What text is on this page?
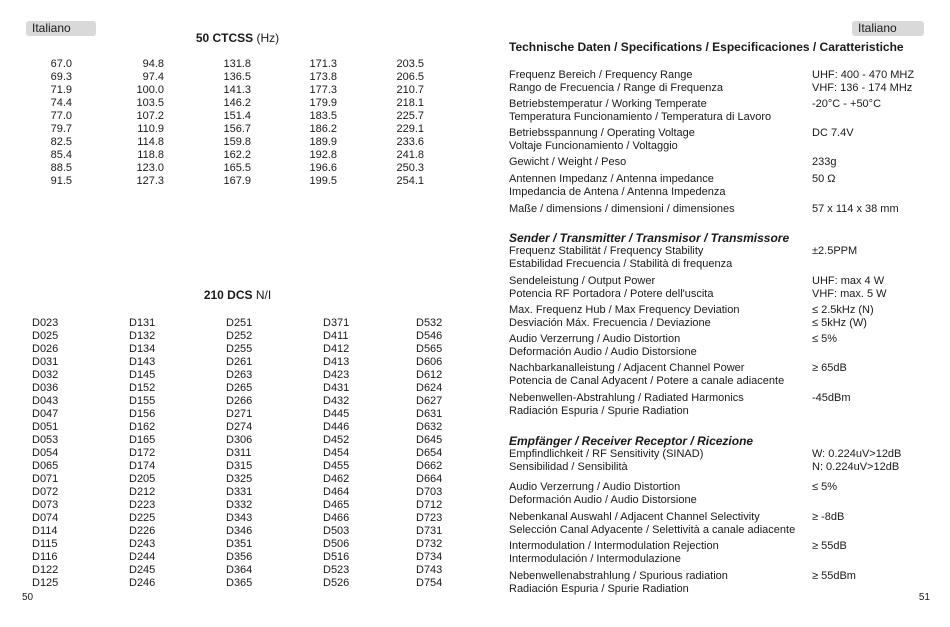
Italiano
50 CTCSS (Hz)
67.0
69.3
71.9
74.4
77.0
79.7
82.5
85.4
88.5
91.5
94.8
97.4
100.0
103.5
107.2
110.9
114.8
118.8
123.0
127.3
131.8
136.5
141.3
146.2
151.4
156.7
159.8
162.2
165.5
167.9
171.3
173.8
177.3
179.9
183.5
186.2
189.9
192.8
196.6
199.5
203.5
206.5
210.7
218.1
225.7
229.1
233.6
241.8
250.3
254.1
210 DCS N/I
D023
D025
D026
D031
D032
D036
D043
D047
D051
D053
D054
D065
D071
D072
D073
D074
D114
D115
D116
D122
D125
D131
D132
D134
D143
D145
D152
D155
D156
D162
D165
D172
D174
D205
D212
D223
D225
D226
D243
D244
D245
D246
D251
D252
D255
D261
D263
D265
D266
D271
D274
D306
D311
D315
D325
D331
D332
D343
D346
D351
D356
D364
D365
D371
D411
D412
D413
D423
D431
D432
D445
D446
D452
D454
D455
D462
D464
D465
D466
D503
D506
D516
D523
D526
D532
D546
D565
D606
D612
D624
D627
D631
D632
D645
D654
D662
D664
D703
D712
D723
D731
D732
D734
D743
D754
50
Italiano
Technische Daten / Specifications / Especificaciones / Caratteristiche
Frequenz Bereich / Frequency Range
Rango de Frecuencia / Range di Frequenza
UHF: 400 - 470 MHZ
VHF: 136 - 174 MHz
Betriebstemperatur / Working Temperate
Temperatura Funcionamiento / Temperatura di Lavoro
-20°C - +50°C
Betriebsspannung / Operating Voltage
Voltaje Funcionamiento / Voltaggio
DC 7.4V
Gewicht / Weight / Peso	233g
Antennen Impedanz / Antenna impedance
Impedancia de Antena / Antenna Impedenza
50 Ω
Maße / dimensions / dimensioni / dimensiones	57 x 114 x 38 mm
Sender / Transmitter / Transmisor / Transmissore
Frequenz Stabilität / Frequency Stability
Estabilidad Frecuencia / Stabilità di frequenza
±2.5PPM
Sendeleistung / Output Power
Potencia RF Portadora / Potere dell'uscita
UHF: max 4 W
VHF: max. 5 W
Max. Frequenz Hub / Max Frequency Deviation
Desviación Máx. Frecuencia / Deviazione
≤ 2.5kHz (N)
≤ 5kHz (W)
Audio Verzerrung / Audio Distortion
Deformación Audio / Audio Distorsione
≤ 5%
Nachbarkanalleistung / Adjacent Channel Power
Potencia de Canal Adyacent / Potere a canale adiacente
≥ 65dB
Nebenwellen-Abstrahlung / Radiated Harmonics
Radiación Espuria / Spurie Radiation
-45dBm
Empfänger / Receiver Receptor / Ricezione
Empfindlichkeit / RF Sensitivity (SINAD)
Sensibilidad / Sensibilità
W: 0.224uV>12dB
N: 0.224uV>12dB
Audio Verzerrung / Audio Distortion
Deformación Audio / Audio Distorsione
≤ 5%
Nebenkanal Auswahl / Adjacent Channel Selectivity
Selección Canal Adyacente / Selettività a canale adiacente
≥ -8dB
Intermodulation / Intermodulation Rejection
Intermodulación / Intermodulazione
≥ 55dB
Nebenwellenabstrahlung / Spurious radiation
Radiación Espuria / Spurie Radiation
≥ 55dBm
51
